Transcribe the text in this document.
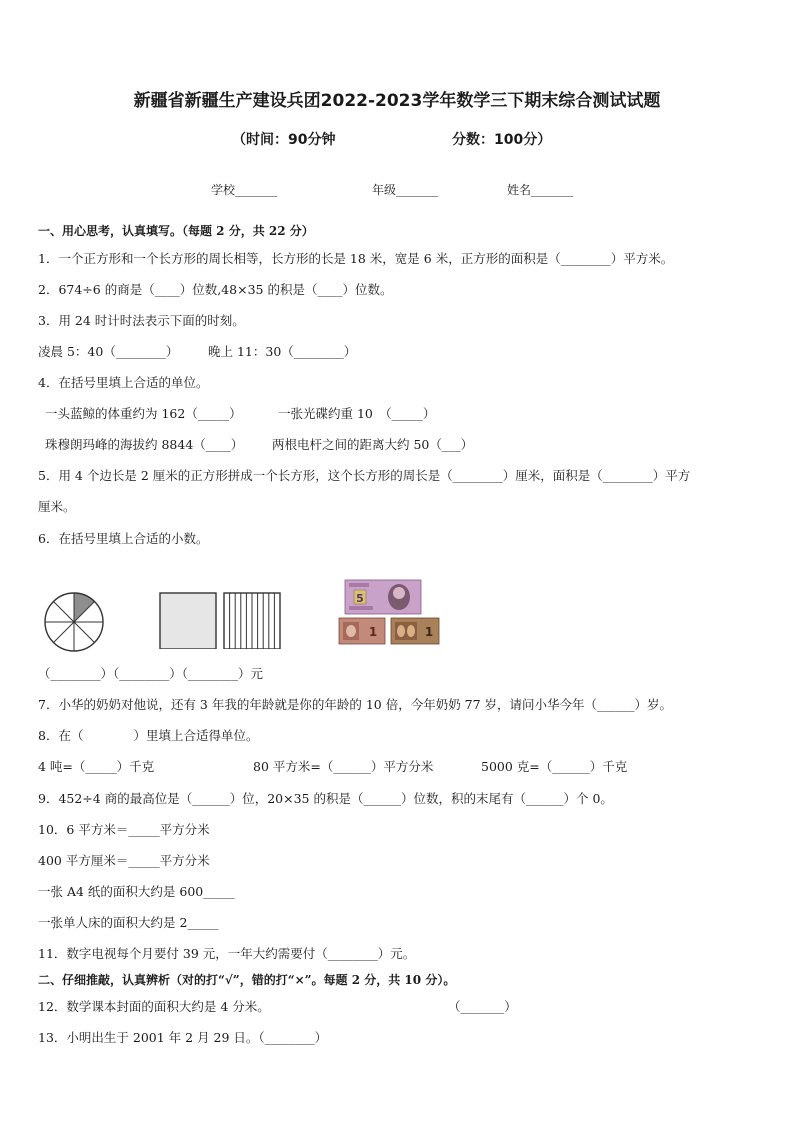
新疆省新疆生产建设兵团2022-2023学年数学三下期末综合测试试题
（时间：90分钟	分数：100分）
学校_______	年级_______	姓名_______
一、用心思考，认真填写。（每题 2 分，共 22 分）
1．一个正方形和一个长方形的周长相等，长方形的长是 18 米，宽是 6 米，正方形的面积是（________）平方米。
2．674÷6 的商是（____）位数,48×35 的积是（____）位数。
3．用 24 时计时法表示下面的时刻。
凌晨 5：40（________） 晚上 11：30（________）
4．在括号里填上合适的单位。
一头蓝鲸的体重约为 162（_____）	一张光碟约重 10　（_____）
珠穆朗玛峰的海拔约 8844（____） 两根电杆之间的距离大约 50（___）
5．用 4 个边长是 2 厘米的正方形拼成一个长方形，这个长方形的周长是（________）厘米，面积是（________）平方
厘米。
6．在括号里填上合适的小数。
5
1	1
（________）（________）（________）元
7．小华的奶奶对他说，还有 3 年我的年龄就是你的年龄的 10 倍，今年奶奶 77 岁，请问小华今年（______）岁。
8．在（　　　　）里填上合适得单位。
4 吨=（_____）千克	80 平方米=（______）平方分米	5000 克=（______）千克
9．452÷4 商的最高位是（______）位，20×35 的积是（______）位数，积的末尾有（______）个 0。
10．6 平方米＝_____平方分米
400 平方厘米＝_____平方分米
一张 A4 纸的面积大约是 600_____
一张单人床的面积大约是 2_____
11．数字电视每个月要付 39 元，一年大约需要付（________）元。
二、仔细推敲，认真辨析（对的打“√”，错的打“×”。每题 2 分，共 10 分）。
12．数学课本封面的面积大约是 4 分米。	（_______）
13．小明出生于 2001 年 2 月 29 日。（________）
